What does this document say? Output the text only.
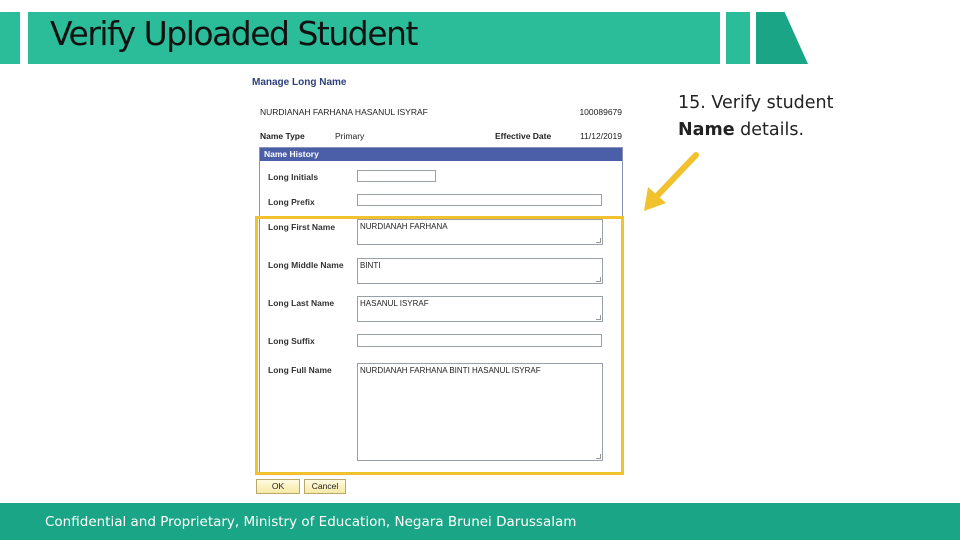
Verify Uploaded Student
Manage Long Name
NURDIANAH FARHANA HASANUL ISYRAF	100089679
Name Type	Primary	Effective Date	11/12/2019
Name History
Long Initials
Long Prefix
Long First Name	NURDIANAH FARHANA
Long Middle Name	BINTI
Long Last Name	HASANUL ISYRAF
Long Suffix
Long Full Name	NURDIANAH FARHANA BINTI HASANUL ISYRAF
OK	Cancel
15. Verify student
Name details.
Confidential and Proprietary, Ministry of Education, Negara Brunei Darussalam
